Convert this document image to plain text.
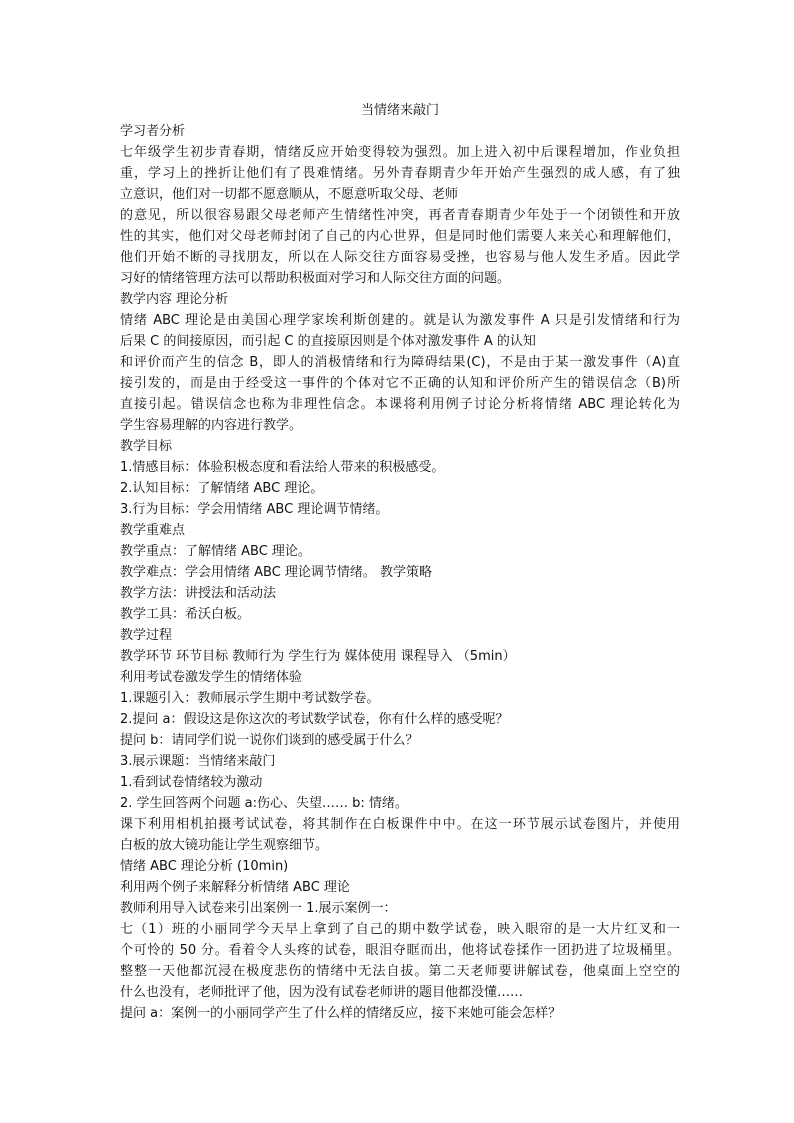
当情绪来敲门
学习者分析
七年级学生初步青春期，情绪反应开始变得较为强烈。加上进入初中后课程增加，作业负担
重，学习上的挫折让他们有了畏难情绪。另外青春期青少年开始产生强烈的成人感，有了独
立意识，他们对一切都不愿意顺从，不愿意听取父母、老师
的意见，所以很容易跟父母老师产生情绪性冲突，再者青春期青少年处于一个闭锁性和开放
性的其实，他们对父母老师封闭了自己的内心世界，但是同时他们需要人来关心和理解他们，
他们开始不断的寻找朋友，所以在人际交往方面容易受挫，也容易与他人发生矛盾。因此学
习好的情绪管理方法可以帮助积极面对学习和人际交往方面的问题。
教学内容 理论分析
情绪 ABC 理论是由美国心理学家埃利斯创建的。就是认为激发事件 A 只是引发情绪和行为
后果 C 的间接原因，而引起 C 的直接原因则是个体对激发事件 A 的认知
和评价而产生的信念 B，即人的消极情绪和行为障碍结果(C)，不是由于某一激发事件（A)直
接引发的，而是由于经受这一事件的个体对它不正确的认知和评价所产生的错误信念（B)所
直接引起。错误信念也称为非理性信念。本课将利用例子讨论分析将情绪 ABC 理论转化为
学生容易理解的内容进行教学。
教学目标
1.情感目标：体验积极态度和看法给人带来的积极感受。
2.认知目标：了解情绪 ABC 理论。
3.行为目标：学会用情绪 ABC 理论调节情绪。
教学重难点
教学重点：了解情绪 ABC 理论。
教学难点：学会用情绪 ABC 理论调节情绪。 教学策略
教学方法：讲授法和活动法
教学工具：希沃白板。
教学过程
教学环节 环节目标 教师行为 学生行为 媒体使用 课程导入 （5min）
利用考试卷激发学生的情绪体验
1.课题引入：教师展示学生期中考试数学卷。
2.提问 a：假设这是你这次的考试数学试卷，你有什么样的感受呢？
提问 b：请同学们说一说你们谈到的感受属于什么？
3.展示课题：当情绪来敲门
1.看到试卷情绪较为激动
2. 学生回答两个问题 a:伤心、失望…… b: 情绪。
课下利用相机拍摄考试试卷，将其制作在白板课件中中。在这一环节展示试卷图片，并使用
白板的放大镜功能让学生观察细节。
情绪 ABC 理论分析 (10min)
利用两个例子来解释分析情绪 ABC 理论
教师利用导入试卷来引出案例一 1.展示案例一：
七（1）班的小丽同学今天早上拿到了自己的期中数学试卷，映入眼帘的是一大片红叉和一
个可怜的 50 分。看着令人头疼的试卷，眼泪夺眶而出，他将试卷揉作一团扔进了垃圾桶里。
整整一天他都沉浸在极度悲伤的情绪中无法自拔。第二天老师要讲解试卷，他桌面上空空的
什么也没有，老师批评了他，因为没有试卷老师讲的题目他都没懂……
提问 a：案例一的小丽同学产生了什么样的情绪反应，接下来她可能会怎样？
